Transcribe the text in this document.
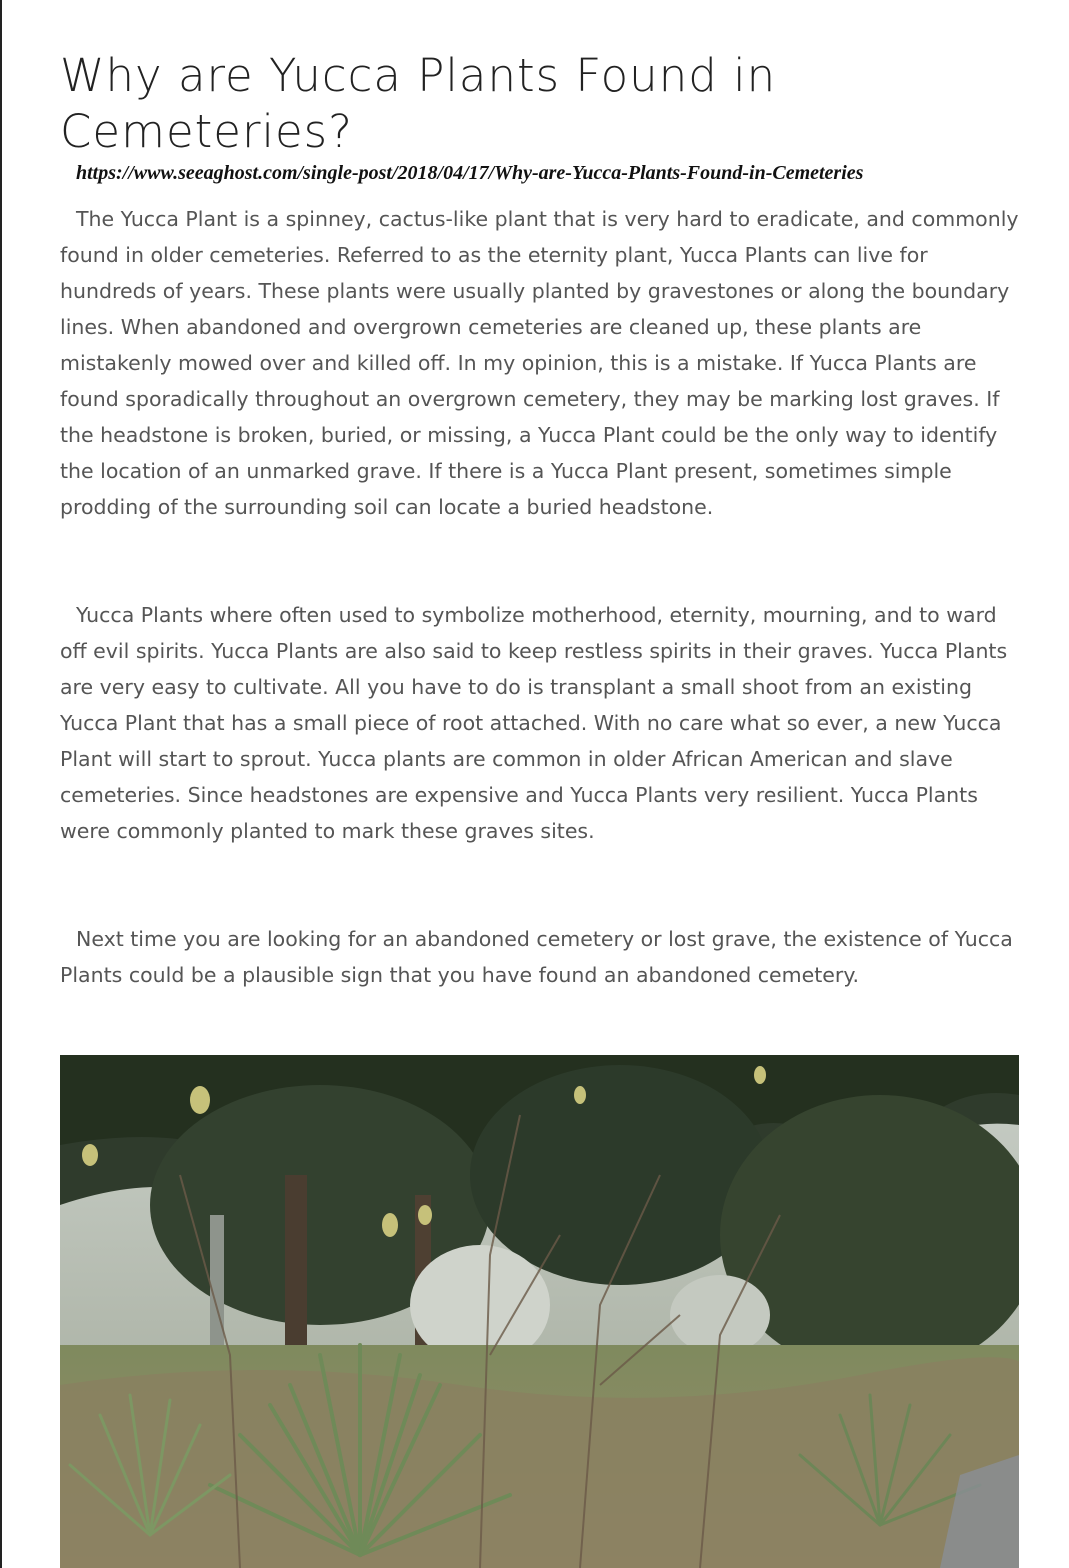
Why are Yucca Plants Found in Cemeteries?
https://www.seeaghost.com/single-post/2018/04/17/Why-are-Yucca-Plants-Found-in-Cemeteries

The Yucca Plant is a spinney, cactus-like plant that is very hard to eradicate, and commonly found in older cemeteries. Referred to as the eternity plant, Yucca Plants can live for hundreds of years. These plants were usually planted by gravestones or along the boundary lines. When abandoned and overgrown cemeteries are cleaned up, these plants are mistakenly mowed over and killed off. In my opinion, this is a mistake. If Yucca Plants are found sporadically throughout an overgrown cemetery, they may be marking lost graves. If the headstone is broken, buried, or missing, a Yucca Plant could be the only way to identify the location of an unmarked grave. If there is a Yucca Plant present, sometimes simple prodding of the surrounding soil can locate a buried headstone.

Yucca Plants where often used to symbolize motherhood, eternity, mourning, and to ward off evil spirits. Yucca Plants are also said to keep restless spirits in their graves. Yucca Plants are very easy to cultivate. All you have to do is transplant a small shoot from an existing Yucca Plant that has a small piece of root attached. With no care what so ever, a new Yucca Plant will start to sprout. Yucca plants are common in older African American and slave cemeteries. Since headstones are expensive and Yucca Plants very resilient. Yucca Plants were commonly planted to mark these graves sites.

Next time you are looking for an abandoned cemetery or lost grave, the existence of Yucca Plants could be a plausible sign that you have found an abandoned cemetery.
